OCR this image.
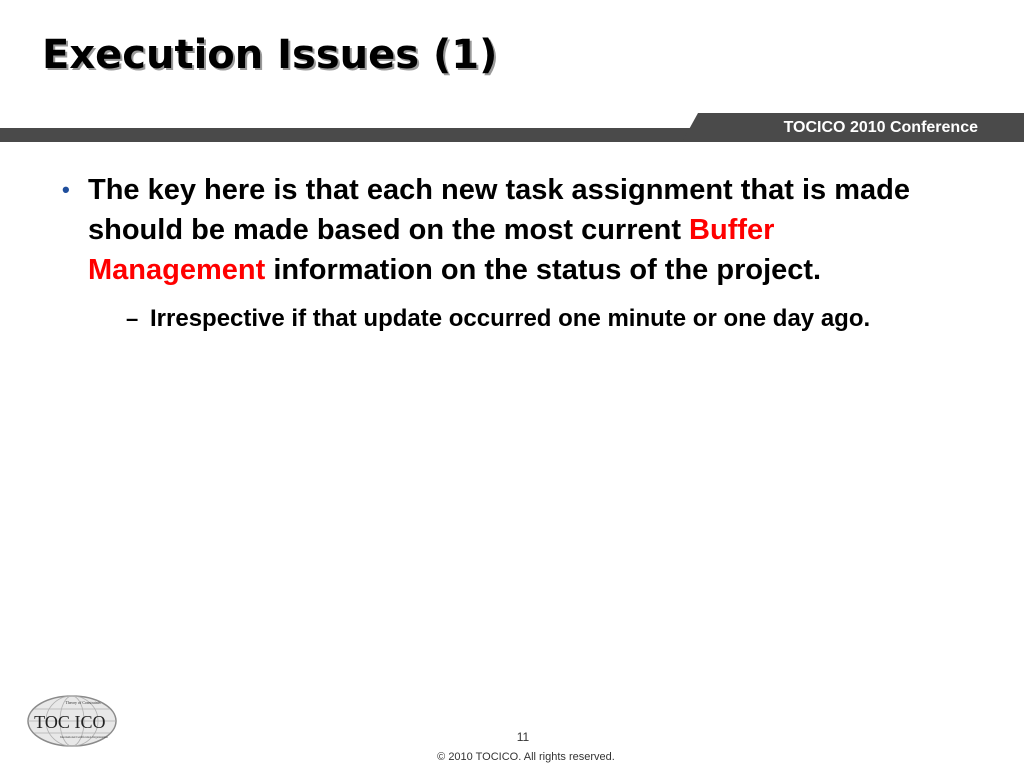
Execution Issues (1)
TOCICO 2010 Conference
• The key here is that each new task assignment that is made should be made based on the most current Buffer Management information on the status of the project.
– Irrespective if that update occurred one minute or one day ago.
Theory of Constraints
TOC ICO
International Certification Organization	11
© 2010 TOCICO. All rights reserved.
